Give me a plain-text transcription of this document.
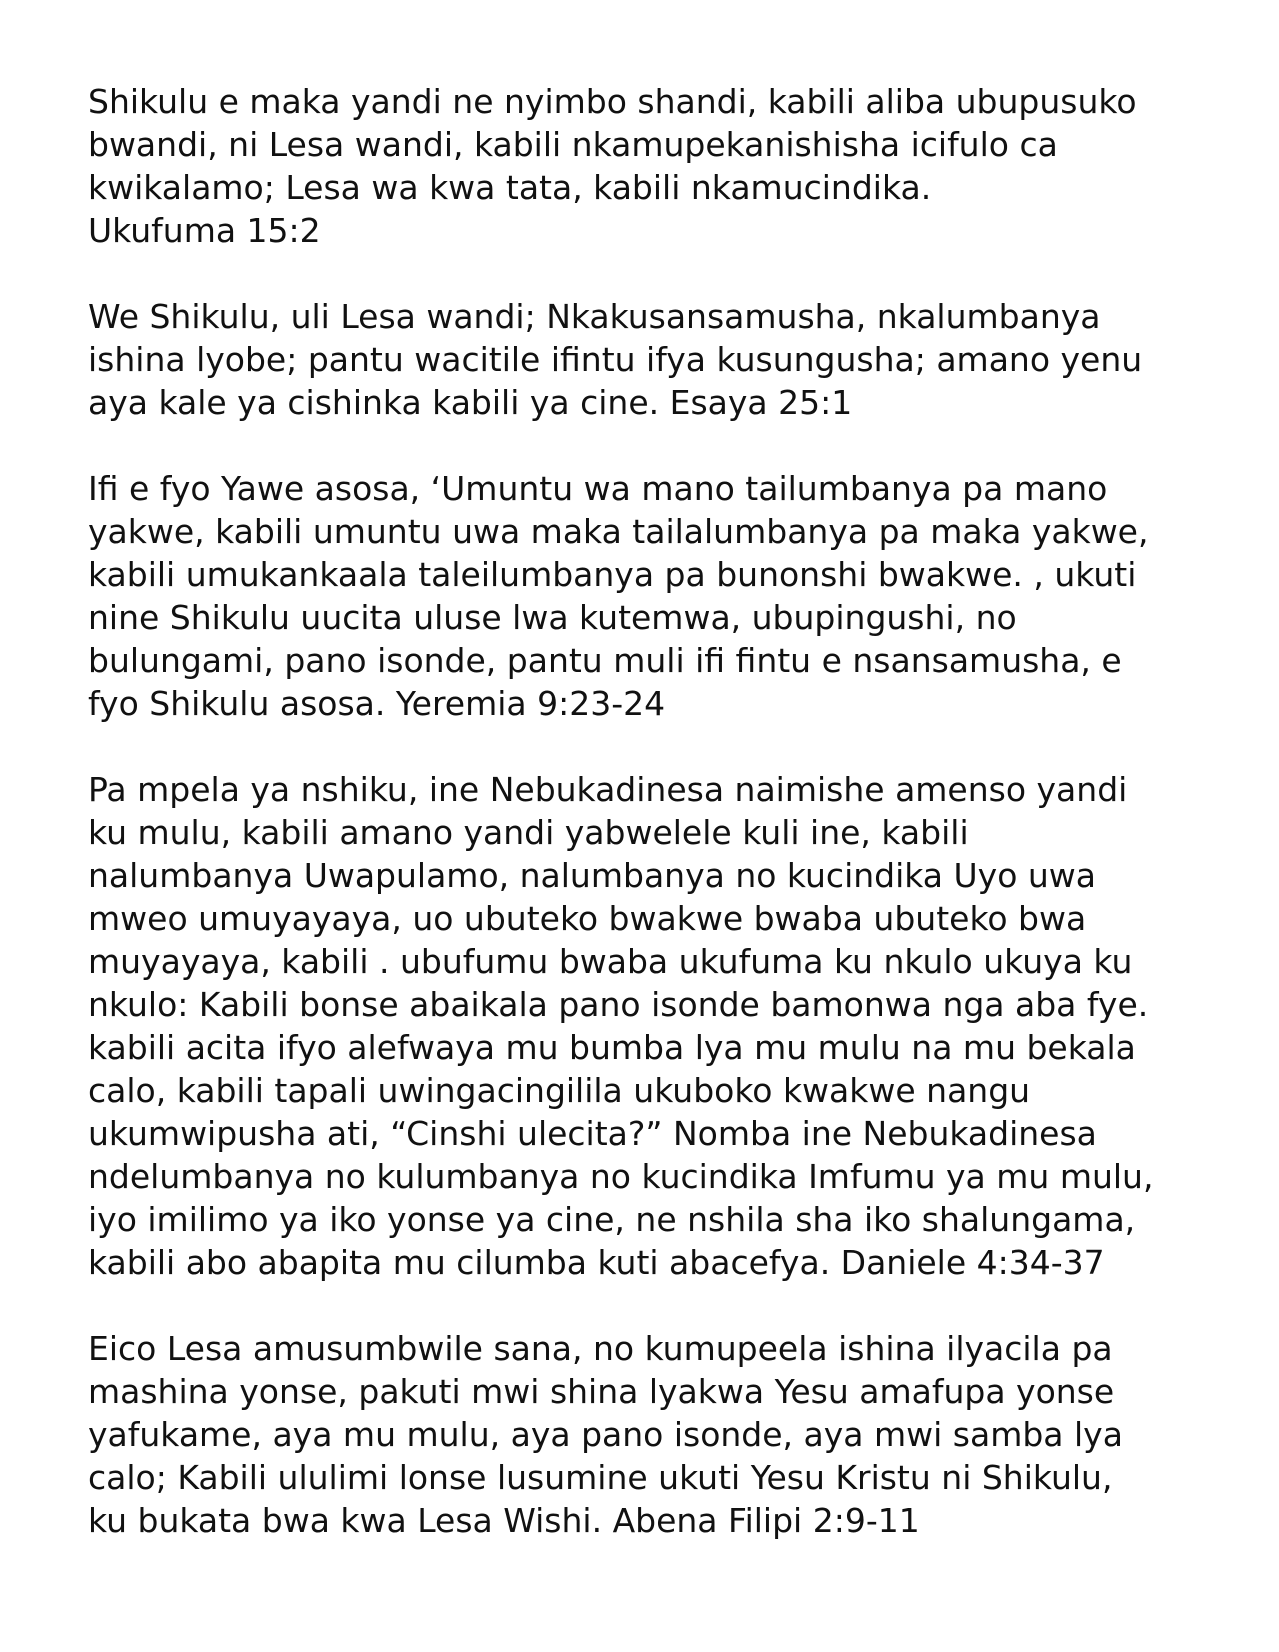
Shikulu e maka yandi ne nyimbo shandi, kabili aliba ubupusuko
bwandi, ni Lesa wandi, kabili nkamupekanishisha icifulo ca
kwikalamo; Lesa wa kwa tata, kabili nkamucindika.
Ukufuma 15:2

We Shikulu, uli Lesa wandi; Nkakusansamusha, nkalumbanya
ishina lyobe; pantu wacitile ifintu ifya kusungusha; amano yenu
aya kale ya cishinka kabili ya cine. Esaya 25:1

Ifi e fyo Yawe asosa, ‘Umuntu wa mano tailumbanya pa mano
yakwe, kabili umuntu uwa maka tailalumbanya pa maka yakwe,
kabili umukankaala taleilumbanya pa bunonshi bwakwe. , ukuti
nine Shikulu uucita uluse lwa kutemwa, ubupingushi, no
bulungami, pano isonde, pantu muli ifi fintu e nsansamusha, e
fyo Shikulu asosa. Yeremia 9:23-24

Pa mpela ya nshiku, ine Nebukadinesa naimishe amenso yandi
ku mulu, kabili amano yandi yabwelele kuli ine, kabili
nalumbanya Uwapulamo, nalumbanya no kucindika Uyo uwa
mweo umuyayaya, uo ubuteko bwakwe bwaba ubuteko bwa
muyayaya, kabili . ubufumu bwaba ukufuma ku nkulo ukuya ku
nkulo: Kabili bonse abaikala pano isonde bamonwa nga aba fye.
kabili acita ifyo alefwaya mu bumba lya mu mulu na mu bekala
calo, kabili tapali uwingacingilila ukuboko kwakwe nangu
ukumwipusha ati, “Cinshi ulecita?” Nomba ine Nebukadinesa
ndelumbanya no kulumbanya no kucindika Imfumu ya mu mulu,
iyo imilimo ya iko yonse ya cine, ne nshila sha iko shalungama,
kabili abo abapita mu cilumba kuti abacefya. Daniele 4:34-37

Eico Lesa amusumbwile sana, no kumupeela ishina ilyacila pa
mashina yonse, pakuti mwi shina lyakwa Yesu amafupa yonse
yafukame, aya mu mulu, aya pano isonde, aya mwi samba lya
calo; Kabili ululimi lonse lusumine ukuti Yesu Kristu ni Shikulu,
ku bukata bwa kwa Lesa Wishi. Abena Filipi 2:9-11
